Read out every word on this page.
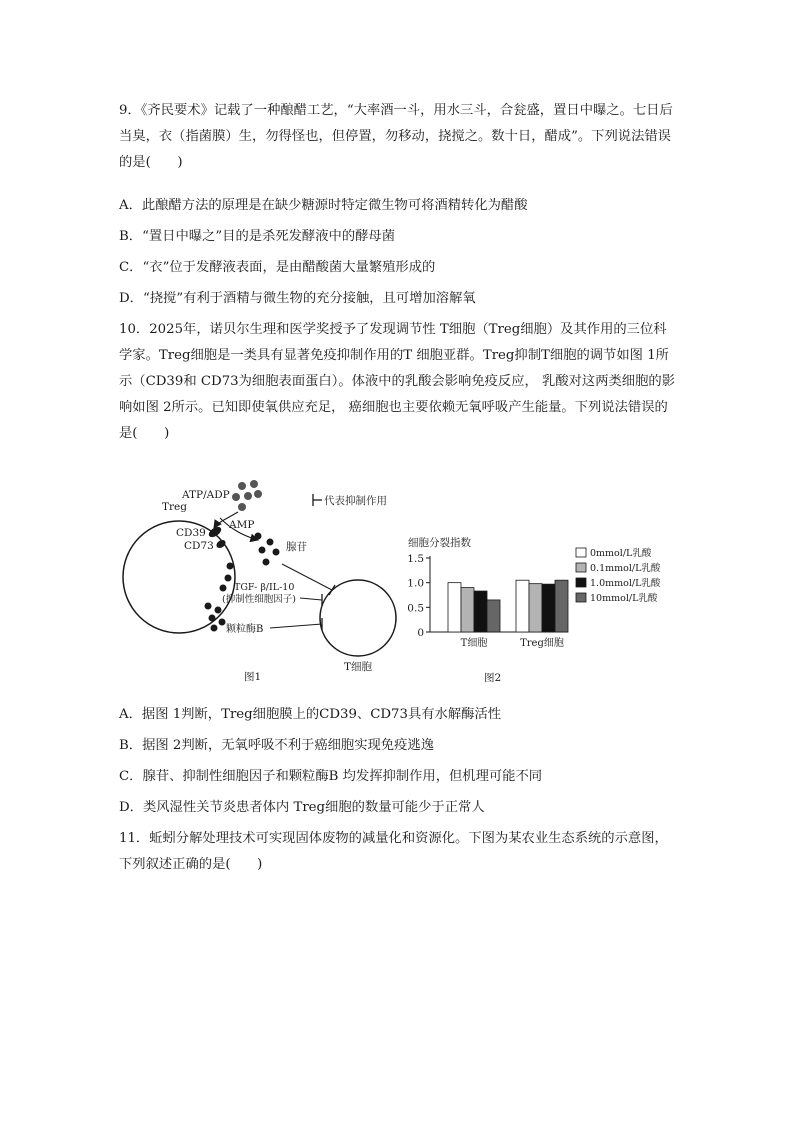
9．《齐民要术》记载了一种酿醋工艺，“大率酒一斗，用水三斗，合瓮盛，置日中曝之。七日后当臭，衣（指菌膜）生，勿得怪也，但停置，勿移动，挠搅之。数十日，醋成”。下列说法错误的是(　　)

A．此酿醋方法的原理是在缺少糖源时特定微生物可将酒精转化为醋酸

B．“置日中曝之”目的是杀死发酵液中的酵母菌

C．“衣”位于发酵液表面，是由醋酸菌大量繁殖形成的

D．“挠搅”有利于酒精与微生物的充分接触，且可增加溶解氧

10．2025年，诺贝尔生理和医学奖授予了发现调节性 T细胞（Treg细胞）及其作用的三位科学家。Treg细胞是一类具有显著免疫抑制作用的T 细胞亚群。Treg抑制T细胞的调节如图 1所示（CD39和 CD73为细胞表面蛋白）。体液中的乳酸会影响免疫反应， 乳酸对这两类细胞的影响如图 2所示。已知即使氧供应充足， 癌细胞也主要依赖无氧呼吸产生能量。下列说法错误的是(　　)

Treg
ATP/ADP
CD39
CD73
AMP
腺苷
代表抑制作用
TGF- β/IL-10
(抑制性细胞因子)
颗粒酶B
T细胞
图1
细胞分裂指数
0
0.5
1.0
1.5
T细胞	Treg细胞
0mmol/L乳酸
0.1mmol/L乳酸
1.0mmol/L乳酸
10mmol/L乳酸
图2

A．据图 1判断，Treg细胞膜上的CD39、CD73具有水解酶活性

B．据图 2判断，无氧呼吸不利于癌细胞实现免疫逃逸

C．腺苷、抑制性细胞因子和颗粒酶B 均发挥抑制作用，但机理可能不同

D．类风湿性关节炎患者体内 Treg细胞的数量可能少于正常人

11．蚯蚓分解处理技术可实现固体废物的减量化和资源化。下图为某农业生态系统的示意图，下列叙述正确的是(　　)
